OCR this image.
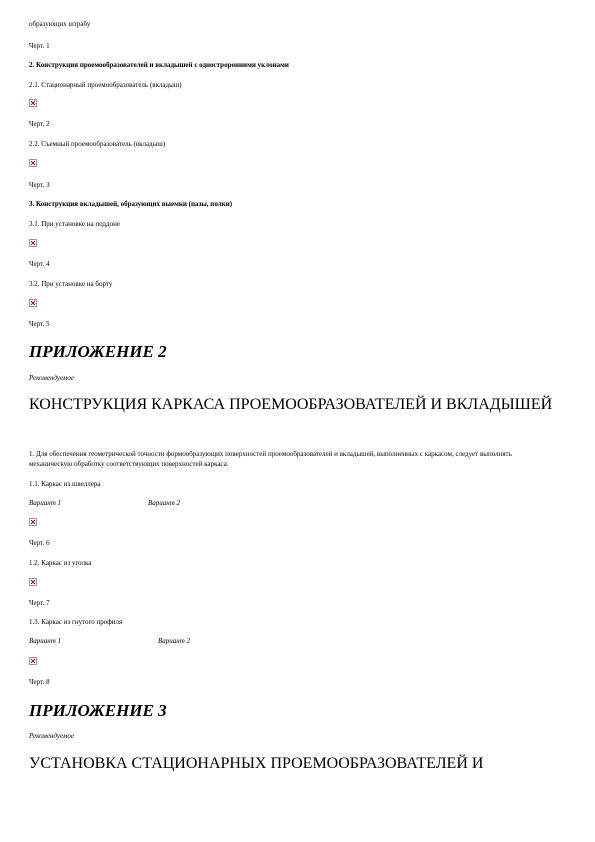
образующих штрабу
Черт. 1
2. Конструкция проемообразователей и вкладышей с однострoронними уклонами
2.1. Стационарный проемообразователь (вкладыш)
Черт. 2
2.2. Съемный проемообразователь (вкладыш)
Черт. 3
3. Конструкция вкладышей, образующих выемки (пазы, полки)
3.1. При установке на поддоне
Черт. 4
3.2. При установке на борту
Черт. 5
ПРИЛОЖЕНИЕ 2
Рекомендуемое
КОНСТРУКЦИЯ КАРКАСА ПРОЕМООБРАЗОВАТЕЛЕЙ И ВКЛАДЫШЕЙ
1. Для обеспечения геометрической точности формообразующих поверхностей проемообразователей и вкладышей, выполненных с каркасом, следует выполнять механическую обработку соответствующих поверхностей каркаса.
1.1. Каркас из швеллера
Вариант 1	Вариант 2
Черт. 6
1.2. Каркас из уголка
Черт. 7
1.3. Каркас из гнутого профиля
Вариант 1	Вариант 2
Черт. 8
ПРИЛОЖЕНИЕ 3
Рекомендуемое
УСТАНОВКА СТАЦИОНАРНЫХ ПРОЕМООБРАЗОВАТЕЛЕЙ И
